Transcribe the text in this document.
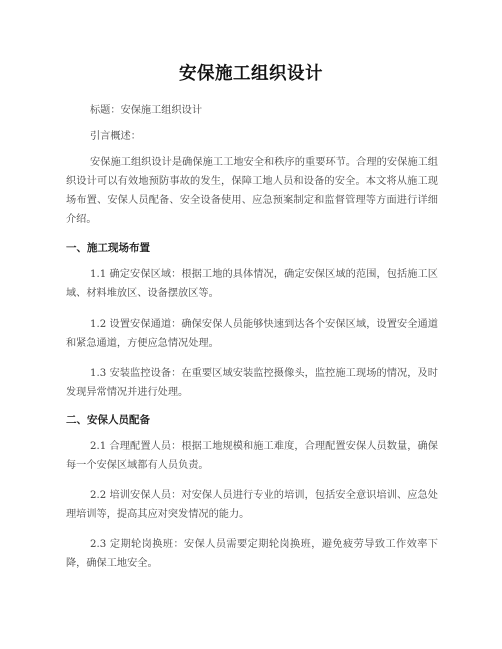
安保施工组织设计
标题：安保施工组织设计
引言概述：
安保施工组织设计是确保施工工地安全和秩序的重要环节。合理的安保施工组织设计可以有效地预防事故的发生，保障工地人员和设备的安全。本文将从施工现场布置、安保人员配备、安全设备使用、应急预案制定和监督管理等方面进行详细介绍。
一、施工现场布置
1.1 确定安保区域：根据工地的具体情况，确定安保区域的范围，包括施工区域、材料堆放区、设备摆放区等。
1.2 设置安保通道：确保安保人员能够快速到达各个安保区域，设置安全通道和紧急通道，方便应急情况处理。
1.3 安装监控设备：在重要区域安装监控摄像头，监控施工现场的情况，及时发现异常情况并进行处理。
二、安保人员配备
2.1 合理配置人员：根据工地规模和施工难度，合理配置安保人员数量，确保每一个安保区域都有人员负责。
2.2 培训安保人员：对安保人员进行专业的培训，包括安全意识培训、应急处理培训等，提高其应对突发情况的能力。
2.3 定期轮岗换班：安保人员需要定期轮岗换班，避免疲劳导致工作效率下降，确保工地安全。
